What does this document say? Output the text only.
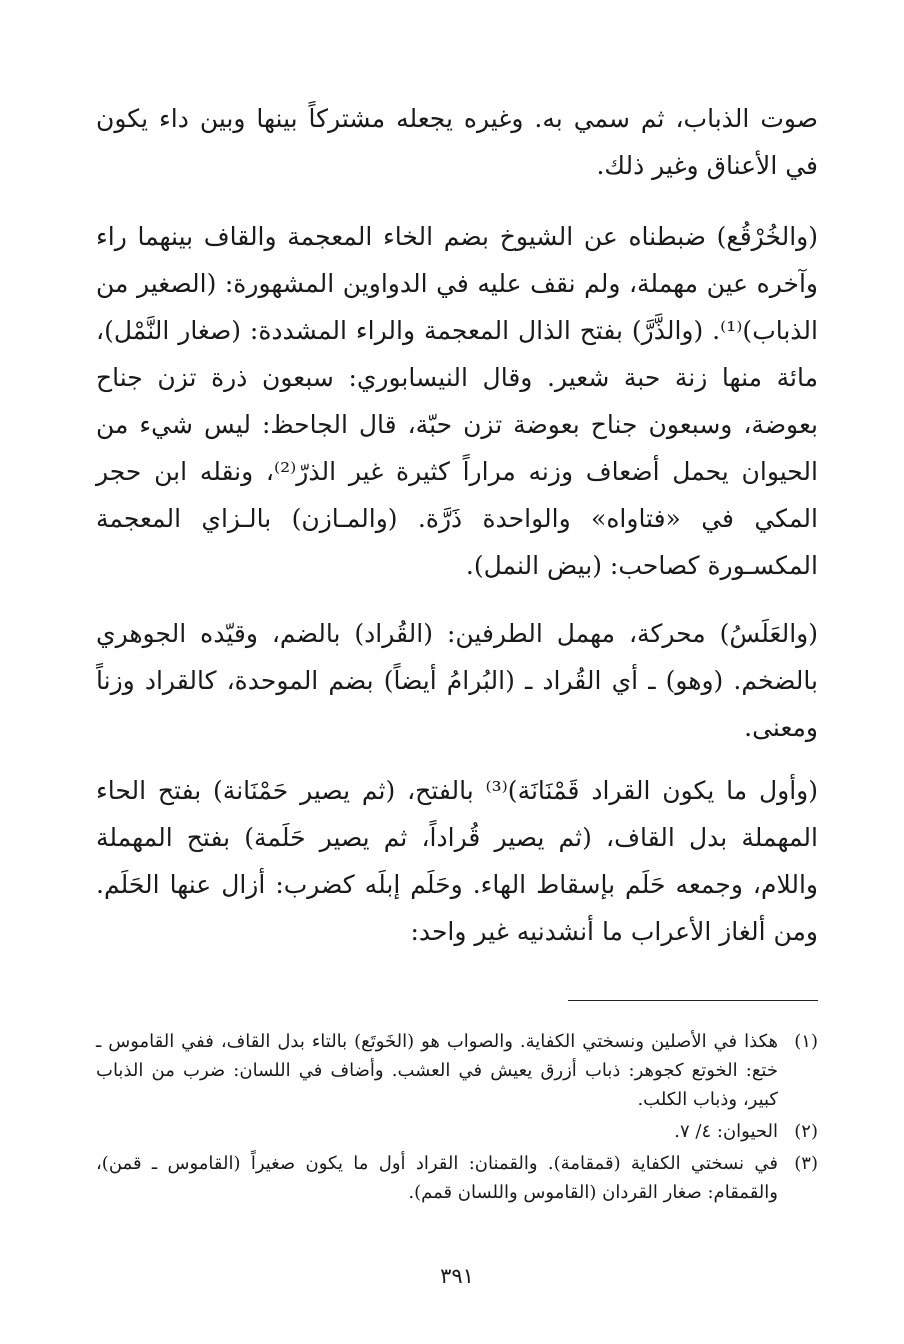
صوت الذباب، ثم سمي به. وغيره يجعله مشتركاً بينها وبين داء يكون في الأعناق وغير ذلك.

(والخُرْقُع) ضبطناه عن الشيوخ بضم الخاء المعجمة والقاف بينهما راء وآخره عين مهملة، ولم نقف عليه في الدواوين المشهورة: (الصغير من الذباب)⁽¹⁾. (والذَّرَّ) بفتح الذال المعجمة والراء المشددة: (صغار النَّمْل)، مائة منها زنة حبة شعير. وقال النيسابوري: سبعون ذرة تزن جناح بعوضة، وسبعون جناح بعوضة تزن حبّة، قال الجاحظ: ليس شيء من الحيوان يحمل أضعاف وزنه مراراً كثيرة غير الذرّ⁽²⁾، ونقله ابن حجر المكي في «فتاواه» والواحدة ذَرَّة. (والمـازن) بالـزاي المعجمة المكسـورة كصاحب: (بيض النمل).

(والعَلَسُ) محركة، مهمل الطرفين: (القُراد) بالضم، وقيّده الجوهري بالضخم. (وهو) ـ أي القُراد ـ (البُرامُ أيضاً) بضم الموحدة، كالقراد وزناً ومعنى.

(وأول ما يكون القراد قَمْنَانَة)⁽³⁾ بالفتح، (ثم يصير حَمْنَانة) بفتح الحاء المهملة بدل القاف، (ثم يصير قُراداً، ثم يصير حَلَمة) بفتح المهملة واللام، وجمعه حَلَم بإسقاط الهاء. وحَلَم إبلَه كضرب: أزال عنها الحَلَم. ومن ألغاز الأعراب ما أنشدنيه غير واحد:

(١)
هكذا في الأصلين ونسختي الكفاية. والصواب هو (الخَوتَع) بالتاء بدل القاف، ففي القاموس ـ ختع: الخوتع كجوهر: ذباب أزرق يعيش في العشب. وأضاف في اللسان: ضرب من الذباب كبير، وذباب الكلب.
(٢)
الحيوان: ٤/ ٧.
(٣)
في نسختي الكفاية (قمقامة). والقمنان: القراد أول ما يكون صغيراً (القاموس ـ قمن)، والقمقام: صغار القردان (القاموس واللسان قمم).
٣٩١
